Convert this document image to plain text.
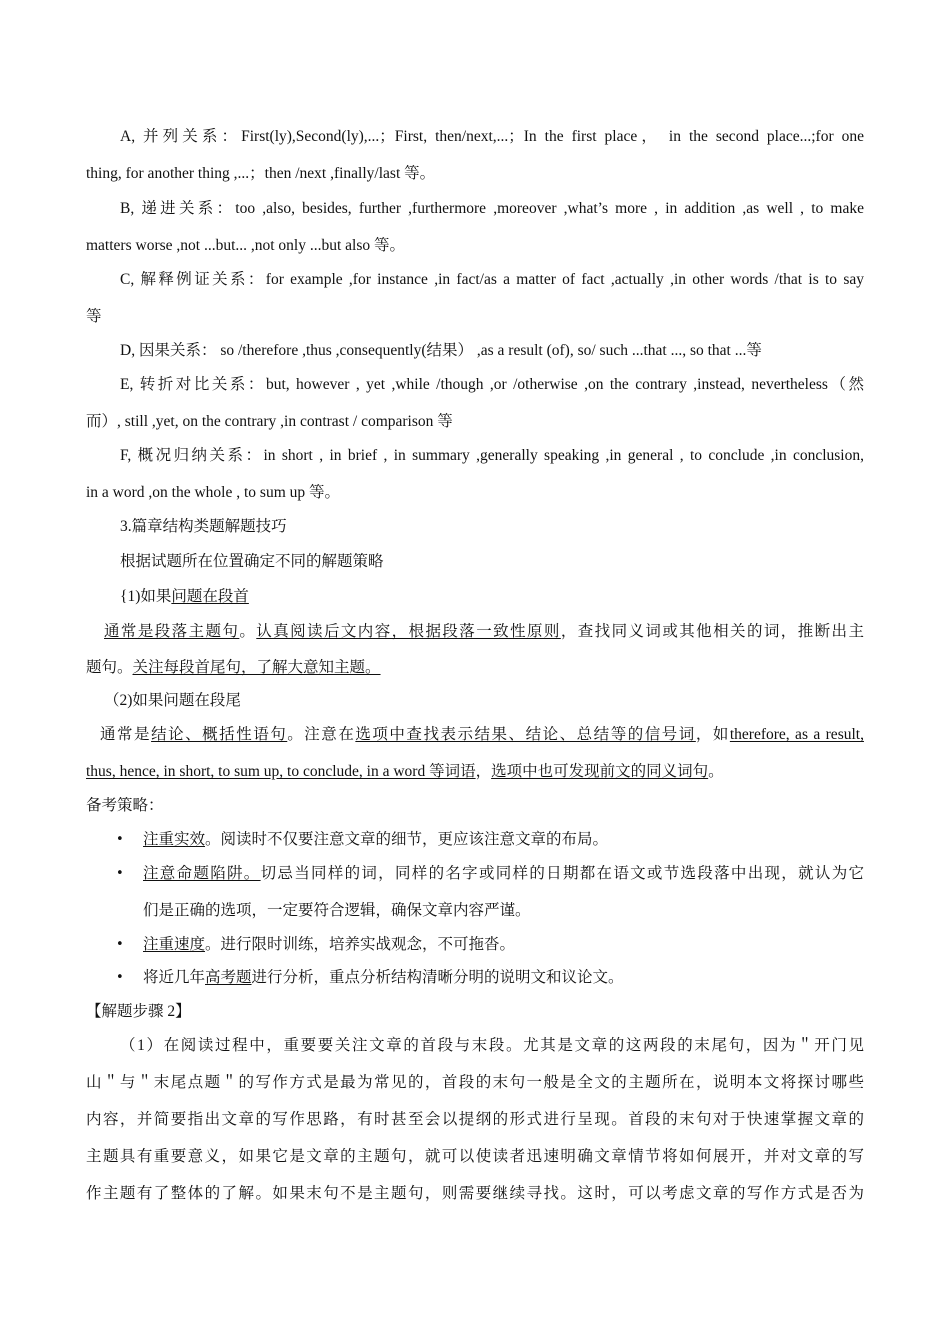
A, 并列关系：First(ly),Second(ly),...；First, then/next,...；In the first place， in the second place...;for one
thing, for another thing ,...；then /next ,finally/last 等。
B, 递进关系：too ,also, besides, further ,furthermore ,moreover ,what’s more , in addition ,as well , to make
matters worse ,not ...but... ,not only ...but also 等。
C, 解释例证关系：for example ,for instance ,in fact/as a matter of fact ,actually ,in other words /that is to say
等
D, 因果关系： so /therefore ,thus ,consequently(结果） ,as a result (of), so/ such ...that ..., so that ...等
E, 转折对比关系：but, however , yet ,while /though ,or /otherwise ,on the contrary ,instead, nevertheless（然
而）, still ,yet, on the contrary ,in contrast / comparison 等
F, 概况归纳关系：in short , in brief , in summary ,generally speaking ,in general , to conclude ,in conclusion,
in a word ,on the whole , to sum up 等。
3.篇章结构类题解题技巧
根据试题所在位置确定不同的解题策略
{1)如果问题在段首
通常是段落主题句。认真阅读后文内容，根据段落一致性原则，查找同义词或其他相关的词，推断出主
题句。关注每段首尾句，了解大意知主题。
（2)如果问题在段尾
通常是结论、概括性语句。注意在选项中查找表示结果、结论、总结等的信号词，如therefore, as a result,
thus, hence, in short, to sum up, to conclude, in a word 等词语，选项中也可发现前文的同义词句。
备考策略：
• 注重实效。阅读时不仅要注意文章的细节，更应该注意文章的布局。
• 注意命题陷阱。切忌当同样的词，同样的名字或同样的日期都在语文或节选段落中出现，就认为它
们是正确的选项，一定要符合逻辑，确保文章内容严谨。
• 注重速度。进行限时训练，培养实战观念，不可拖沓。
• 将近几年高考题进行分析，重点分析结构清晰分明的说明文和议论文。
【解题步骤 2】
（1）在阅读过程中，重要要关注文章的首段与末段。尤其是文章的这两段的末尾句，因为＂开门见
山＂与＂末尾点题＂的写作方式是最为常见的，首段的末句一般是全文的主题所在，说明本文将探讨哪些
内容，并简要指出文章的写作思路，有时甚至会以提纲的形式进行呈现。首段的末句对于快速掌握文章的
主题具有重要意义，如果它是文章的主题句，就可以使读者迅速明确文章情节将如何展开，并对文章的写
作主题有了整体的了解。如果末句不是主题句，则需要继续寻找。这时，可以考虑文章的写作方式是否为
